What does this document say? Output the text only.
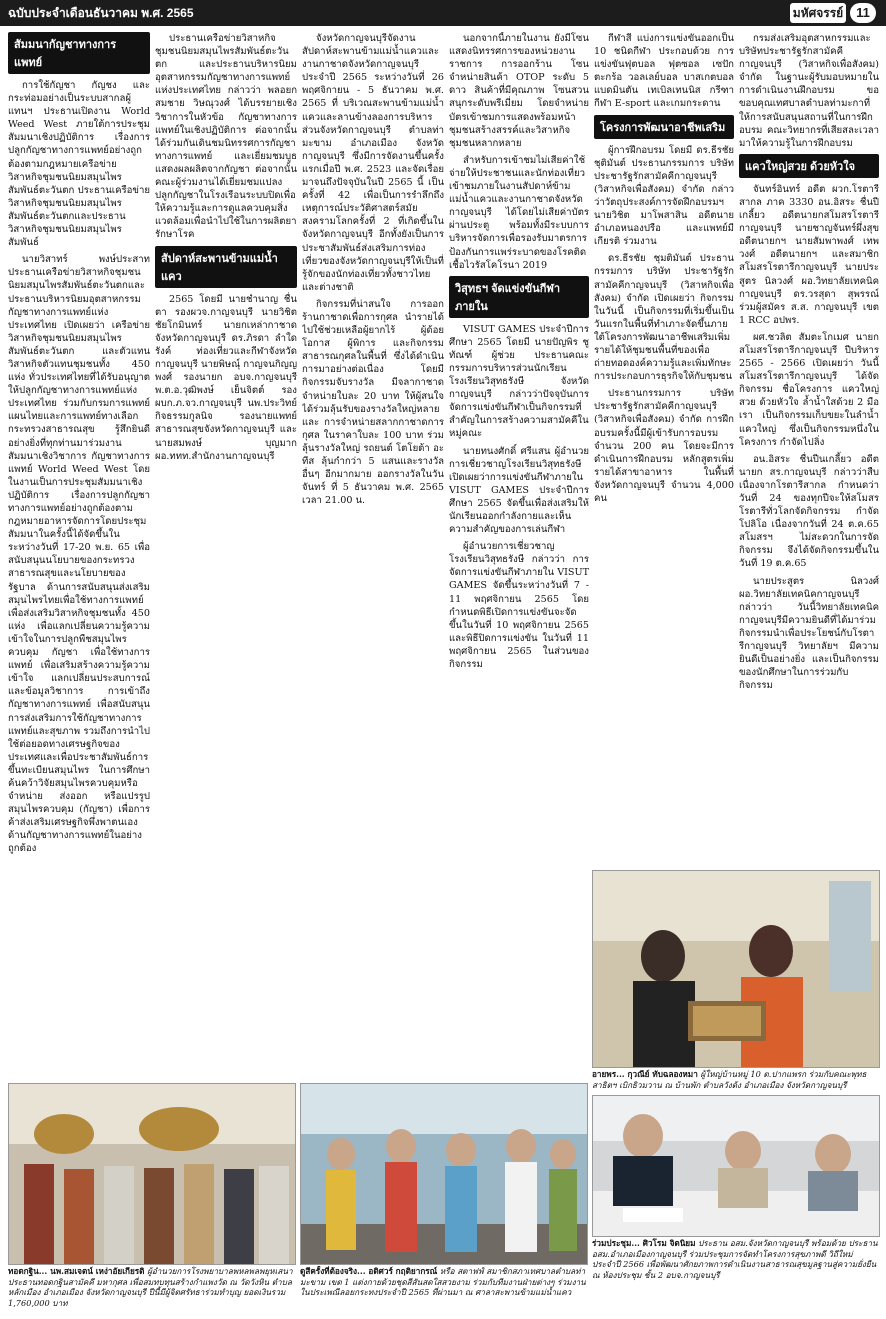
ฉบับประจำเดือนธันวาคม พ.ศ. 2565	มหัศจรรย์ 11
สัมมนากัญชาทางการแพทย์

การใช้กัญชา กัญชง และกระท่อมอย่างเป็นระบบสากลผู้แทนฯ ประธานเปิดงาน World Weed West ภายใต้การประชุมสัมมนาเชิงปฏิบัติการ เรื่องการปลูกกัญชาทางการแพทย์อย่างถูกต้องตามกฎหมายเครือข่ายวิสาหกิจชุมชนนิยมสมุนไพรสัมพันธ์ตะวันตก ประธานเครือข่ายวิสาหกิจชุมชนนิยมสมุนไพรสัมพันธ์ตะวันตกและประธานวิสาหกิจชุมชนนิยมสมุนไพรสัมพันธ์

นายวิสาทร์ พงษ์ประสาท ประธานเครือข่ายวิสาหกิจชุมชนนิยมสมุนไพรสัมพันธ์ตะวันตกและประธานบริหารนิยมอุตสาหกรรมกัญชาทางการแพทย์แห่งประเทศไทย เปิดเผยว่า เครือข่ายวิสาหกิจชุมชนนิยมสมุนไพรสัมพันธ์ตะวันตก และตัวแทนวิสาหกิจตัวแทนชุมชนทั้ง 450 แห่ง ทั่วประเทศไทยที่ได้รับอนุญาตให้ปลูกกัญชาทางการแพทย์แห่งประเทศไทย ร่วมกับกรมการแพทย์แผนไทยและการแพทย์ทางเลือก กระทรวงสาธารณสุข รู้สึกยินดีอย่างยิ่งที่ทุกท่านมาร่วมงานสัมมนาเชิงวิชาการ กัญชาทางการแพทย์ World Weed West โดยในงานเป็นการประชุมสัมมนาเชิงปฏิบัติการ เรื่องการปลูกกัญชาทางการแพทย์อย่างถูกต้องตามกฎหมายอาหารจัดการโดยประชุมสัมมนาในครั้งนี้ได้จัดขึ้นในระหว่างวันที่ 17-20 พ.ย. 65 เพื่อสนับสนุนนโยบายของกระทรวงสาธารณสุขและนโยบายของรัฐบาล ด้านการสนับสนุนส่งเสริมสมุนไพรไทยเพื่อใช้ทางการแพทย์ เพื่อส่งเสริมวิสาหกิจชุมชนทั้ง 450 แห่ง เพื่อแลกเปลี่ยนความรู้ความเข้าใจในการปลูกพืชสมุนไพร ควบคุม กัญชา เพื่อใช้ทางการแพทย์ เพื่อเสริมสร้างความรู้ความเข้าใจ แลกเปลี่ยนประสบการณ์และข้อมูลวิชาการ การเข้าถึงกัญชาทางการแพทย์ เพื่อสนับสนุนการส่งเสริมการใช้กัญชาทางการแพทย์และสุขภาพ รวมถึงการนำไปใช้ต่อยอดทางเศรษฐกิจของประเทศและเพื่อประชาสัมพันธ์การขึ้นทะเบียนสมุนไพร ในการศึกษาค้นคว้าวิจัยสมุนไพรควบคุมหรือจำหน่าย ส่งออก หรือแปรรูปสมุนไพรควบคุม (กัญชา) เพื่อการค้าส่งเสริมเศรษฐกิจพึ่งพาตนเองด้านกัญชาทางการแพทย์ในอย่างถูกต้อง

ประธานเครือข่ายวิสาหกิจชุมชนนิยมสมุนไพรสัมพันธ์ตะวันตก และประธานบริหารนิยมอุตสาหกรรมกัญชาทางการแพทย์แห่งประเทศไทย กล่าวว่า พลอยกสมชาย วิษณุวงศ์ ได้บรรยายเชิงวิชาการในหัวข้อ กัญชาทางการแพทย์ในเชิงปฏิบัติการ ต่อจากนั้นได้ร่วมกันเดินชมนิทรรศการกัญชาทางการแพทย์ และเยี่ยมชมบูธแสดงผลผลิตจากกัญชา ต่อจากนั้นคณะผู้ร่วมงานได้เยี่ยมชมแปลงปลูกกัญชาในโรงเรือนระบบปิดเพื่อให้ความรู้และการดูแลควบคุมสิ่งแวดล้อมเพื่อนำไปใช้ในการผลิตยารักษาโรค

สัปดาห์สะพานข้ามแม่น้ำแคว

2565 โดยมี นายชำนาญ ชื่นตา รองผวจ.กาญจนบุรี นายวิชิต ชัยโกมินทร์ นายกเหล่ากาชาดจังหวัดกาญจนบุรี ดร.ภิรดา ลำใดรังค์ ท่องเที่ยวและกีฬาจังหวัดกาญจนบุรี นายพิษณุ์ กาญจนกิญญพงศ์ รองนายก อบจ.กาญจนบุรี พ.ต.อ.วุฒิพงษ์ เย็นจิตต์ รอง ผบก.ภ.จว.กาญจนบุรี นพ.ประวิทย์ กิจธรรมกูลนิจ รองนายแพทย์สาธารณสุขจังหวัดกาญจนบุรี และนายสมพงษ์ บุญมาก ผอ.ททท.สำนักงานกาญจนบุรี

จังหวัดกาญจนบุรีจัดงานสัปดาห์สะพานข้ามแม่น้ำแควและงานกาชาดจังหวัดกาญจนบุรี ประจำปี 2565 ระหว่างวันที่ 26 พฤศจิกายน - 5 ธันวาคม พ.ศ. 2565 ที่ บริเวณสะพานข้ามแม่น้ำแควและลานข้างลองการบริหารส่วนจังหวัดกาญจนบุรี ตำบลท่ามะขาม อำเภอเมือง จังหวัดกาญจนบุรี ซึ่งมีการจัดงานขึ้นครั้งแรกเมื่อปี พ.ศ. 2523 และจัดเรื่อยมาจนถึงปัจจุบันในปี 2565 นี้ เป็นครั้งที่ 42 เพื่อเป็นการรำลึกถึงเหตุการณ์ประวัติศาสตร์สมัยสงครามโลกครั้งที่ 2 ที่เกิดขึ้นในจังหวัดกาญจนบุรี อีกทั้งยังเป็นการประชาสัมพันธ์ส่งเสริมการท่องเที่ยวของจังหวัดกาญจนบุรีให้เป็นที่รู้จักของนักท่องเที่ยวทั้งชาวไทยและต่างชาติ

กิจกรรมที่น่าสนใจ การออกร้านกาชาดเพื่อการกุศล นำรายได้ไปใช้ช่วยเหลือผู้ยากไร้ ผู้ด้อยโอกาส ผู้พิการ และกิจกรรมสาธารณกุศลในพื้นที่ ซึ่งได้ดำเนินการมาอย่างต่อเนื่อง โดยมีกิจกรรมจับรางวัล มีจลากาชาด จำหน่ายใบละ 20 บาท ให้ผู้สนใจได้ร่วมลุ้นรับของรางวัลใหญ่หลาย และ การจำหน่ายสลากกาชาดการกุศล ในราคาใบละ 100 บาท ร่วมลุ้นรางวัลใหญ่ รถยนต์ โตโยต้า อะทีส ลุ้นกำกว่า 5 แสนและรางวัลอื่นๆ อีกมากมาย ออกรางวัลในวันจันทร์ ที่ 5 ธันวาคม พ.ศ. 2565 เวลา 21.00 น.

นอกจากนี้ภายในงาน ยังมีโซนแสดงนิทรรศการของหน่วยงานราชการ การออกร้าน โซนจำหน่ายสินค้า OTOP ระดับ 5 ดาว สินค้าที่มีคุณภาพ โซนสวนสนุกระดับพรีเมี่ยม โดยจำหน่ายบัตรเข้าชมการแสดงพร้อมหน้าชุมชนสร้างสรรค์และวิสาหกิจชุมชนหลากหลาย

สำหรับการเข้าชมไม่เสียค่าใช้จ่ายให้ประชาชนและนักท่องเที่ยวเข้าชมภายในงานสัปดาห์ข้ามแม่น้ำแควและงานกาชาดจังหวัดกาญจนบุรี ได้โดยไม่เสียค่าบัตรผ่านประตู พร้อมทั้งมีระบบการบริหารจัดการเพื่อรองรับมาตรการป้องกันการแพร่ระบาดของโรคติดเชื้อไวรัสโคโรนา 2019

วิสุทธฯ จัดแข่งขันกีฬาภายใน

VISUT GAMES ประจำปีการศึกษา 2565 โดยมี นายปัญพิร ชูทัณฑ์ ผู้ช่วย ประธานคณะกรรมการบริหารส่วนนักเรียนโรงเรียนวิสุทธรังษี จังหวัดกาญจนบุรี กล่าวว่าปัจจุบันการจัดการแข่งขันกีฬาเป็นกิจกรรมที่สำคัญในการสร้างความสามัคคีในหมู่คณะ

นายทนงศักดิ์ ศรีแสน ผู้อำนวยการเชี่ยวชาญโรงเรียนวิสุทธรังษี เปิดเผยว่าการแข่งขันกีฬาภายใน VISUT GAMES ประจำปีการศึกษา 2565 จัดขึ้นเพื่อส่งเสริมให้นักเรียนออกกำลังกายและเห็นความสำคัญของการเล่นกีฬา

ผู้อำนวยการเชี่ยวชาญโรงเรียนวิสุทธรังษี กล่าวว่า การจัดการแข่งขันกีฬาภายใน VISUT GAMES จัดขึ้นระหว่างวันที่ 7 - 11 พฤศจิกายน 2565 โดยกำหนดพิธีเปิดการแข่งขันจะจัดขึ้นในวันที่ 10 พฤศจิกายน 2565 และพิธีปิดการแข่งขัน ในวันที่ 11 พฤศจิกายน 2565 ในส่วนของกิจกรรม

กีฬาสี แบ่งการแข่งขันออกเป็น 10 ชนิดกีฬา ประกอบด้วย การแข่งขันฟุตบอล ฟุตซอล เซปักตะกร้อ วอลเลย์บอล บาสเกตบอล แบดมินตัน เทเบิลเทนนิส กรีฑา กีฬา E-sport และเกมกระดาน

โครงการพัฒนาอาชีพเสริม

ผู้การฝึกอบรม โดยมี ดร.ธีรชัย ชุติมันต์ ประธานกรรมการ บริษัท ประชารัฐรักสามัคคีกาญจนบุรี (วิสาหกิจเพื่อสังคม) จำกัด กล่าวว่าวัตถุประสงค์การจัดฝึกอบรมฯ นายวิชิต มาโพสาสิน อดีตนายอำเภอหนองปรือ และแพทย์มีเกียรติ ร่วมงาน

ดร.ธีรชัย ชุมติมันต์ ประธานกรรมการ บริษัท ประชารัฐรักสามัคคีกาญจนบุรี (วิสาหกิจเพื่อสังคม) จำกัด เปิดเผยว่า กิจกรรมในวันนี้ เป็นกิจกรรมที่เริ่มขึ้นเป็นวันแรกในพื้นที่ทำเภาะจัดขึ้นภายใต้โครงการพัฒนาอาชีพเสริมเพิ่มรายได้ให้ชุมชนพื้นที่ของเพื่อถ่ายทอดองค์ความรู้และเพิ่มทักษะการประกอบการธุรกิจให้กับชุมชน

ประธานกรรมการ บริษัท ประชารัฐรักสามัคคีกาญจนบุรี (วิสาหกิจเพื่อสังคม) จำกัด การฝึกอบรมครั้งนี้มีผู้เข้ารับการอบรม จำนวน 200 คน โดยจะมีการดำเนินการฝึกอบรม หลักสูตรเพิ่มรายได้สาขาอาหาร ในพื้นที่จังหวัดกาญจนบุรี จำนวน 4,000 คน

กรมส่งเสริมอุตสาหกรรมและบริษัทประชารัฐรักสามัคคีกาญจนบุรี (วิสาหกิจเพื่อสังคม) จำกัด ในฐานะผู้รับมอบหมายในการดำเนินงานฝึกอบรม ขอขอบคุณเทศบาลตำบลท่ามะกาที่ให้การสนับสนุนสถานที่ในการฝึกอบรม คณะวิทยากรที่เสียสละเวลามาให้ความรู้ในการฝึกอบรม

แควใหญ่สวย ด้วยหัวใจ

จันทร์อินทร์ อดีต ผวก.โรตารีสากล ภาค 3330 อน.อิสระ ชื่นปีเกลี้ยว อดีตนายกสโมสรโรตารีกาญจนบุรี นายชาญจันทร์ผึ่งสุข อดีตนายกฯ นายสัมพาพงศ์ เทพวงศ์ อดีตนายกฯ และสมาชิกสโมสรโรตารีกาญจนบุรี นายประสูตร นิลวงศ์ ผอ.วิทยาลัยเทคนิคกาญจนบุรี ดร.วรสุดา สุพรรณ์ ร่วมผู้สมัคร ส.ส. กาญจนบุรี เขต 1 RCC อปพร.

ผศ.ชวลิต สัมตะโกเมศ นายกสโมสรโรตารีกาญจนบุรี ปีบริหาร 2565 - 2566 เปิดเผยว่า วันนี้สโมสรโรตารีกาญจนบุรี ได้จัดกิจกรรม ชื่อโครงการ แควใหญ่สวย ด้วยหัวใจ ล้ำน้ำใสด้วย 2 มือเรา เป็นกิจกรรมเก็บขยะในลำน้ำแควใหญ่ ซึ่งเป็นกิจกรรมหนึ่งในโครงการ กำจัดไปลิ่ง

อน.อิสระ ชื่นปีนเกลี้ยว อดีตนายก สร.กาญจนบุรี กล่าวว่าสืบเนื่องจากโรตารีสากล กำหนดว่า วันที่ 24 ของทุกปีจะให้สโมสรโรตารีทั่วโลกจัดกิจกรรม กำจัดโปลิโอ เนื่องจากวันที่ 24 ต.ค.65 สโมสรฯ ไม่สะดวกในการจัดกิจกรรม จึงได้จัดกิจกรรมขึ้นในวันที่ 19 ต.ค.65

นายประสูตร นิลวงศ์ ผอ.วิทยาลัยเทคนิคกาญจนบุรี กล่าวว่า วันนี้วิทยาลัยเทคนิคกาญจนบุรีมีความยินดีที่ได้มาร่วมกิจกรรมนำเพื่อประโยชน์กับโรตารีกาญจนบุรี วิทยาลัยฯ มีความยินดีเป็นอย่างยิ่ง และเป็นกิจกรรมของนักศึกษาในการร่วมกับกิจกรรม

อายพร... กุวณีย์ ทับฉลองหมา ผู้ใหญ่บ้านหมู่ 10 ต.ปากแพรก ร่วมกับคณะพุทธสาธิตฯ เบิกธิวมวาน ณ บ้านพัก ตำบลวังด้ง อำเภอเมือง จังหวัดกาญจนบุรี
ร่วมประชุม... ศิวโรม จิตนิยม ประธาน อสม.จังหวัดกาญจนบุรี พร้อมด้วย ประธาน อสม.อำเภอเมืองกาญจนบุรี ร่วมประชุมการจัดทำโครงการสุขภาพดี วิถีใหม่ ประจำปี 2566 เพื่อพัฒนาศักยภาพการดำเนินงานสาธารณสุขมูลฐานสู่ความยั่งยืน ณ ห้องประชุม ชั้น 2 อบจ.กาญจนบุรี
ทอดกฐิน... นพ.สมเจตน์ เหง่าอัยเกียรติ ผู้อำนวยการโรงพยาบาลพหลพลพยุหเสนา ประธานทอดกฐินสามัคคี มหากุศล เพื่อสมทบทุนสร้างกำแพงวัด ณ วัดวังหิน ตำบลหลักเมือง อำเภอเมือง จังหวัดกาญจนบุรี ปีนี้มีผู้จิตศรัทธาร่วมทำบุญ ยอดเงินรวม 1,760,000 บาท
ดูสีครั้งที่ต้องจริง... อดิศวร์ กฤติยากรณ์ หรือ สตาฟฟ์ สมาชิกสภาเทศบาลตำบลท่ามะขาม เขต 1 แต่งกายด้วยชุดสีสันสดใสสวยงาม ร่วมกับทีมงานฝ่ายต่างๆ ร่วมงานในประเพณีลอยกระทงประจำปี 2565 ที่ผ่านมา ณ ศาลาสะพานข้ามแม่น้ำแคว
